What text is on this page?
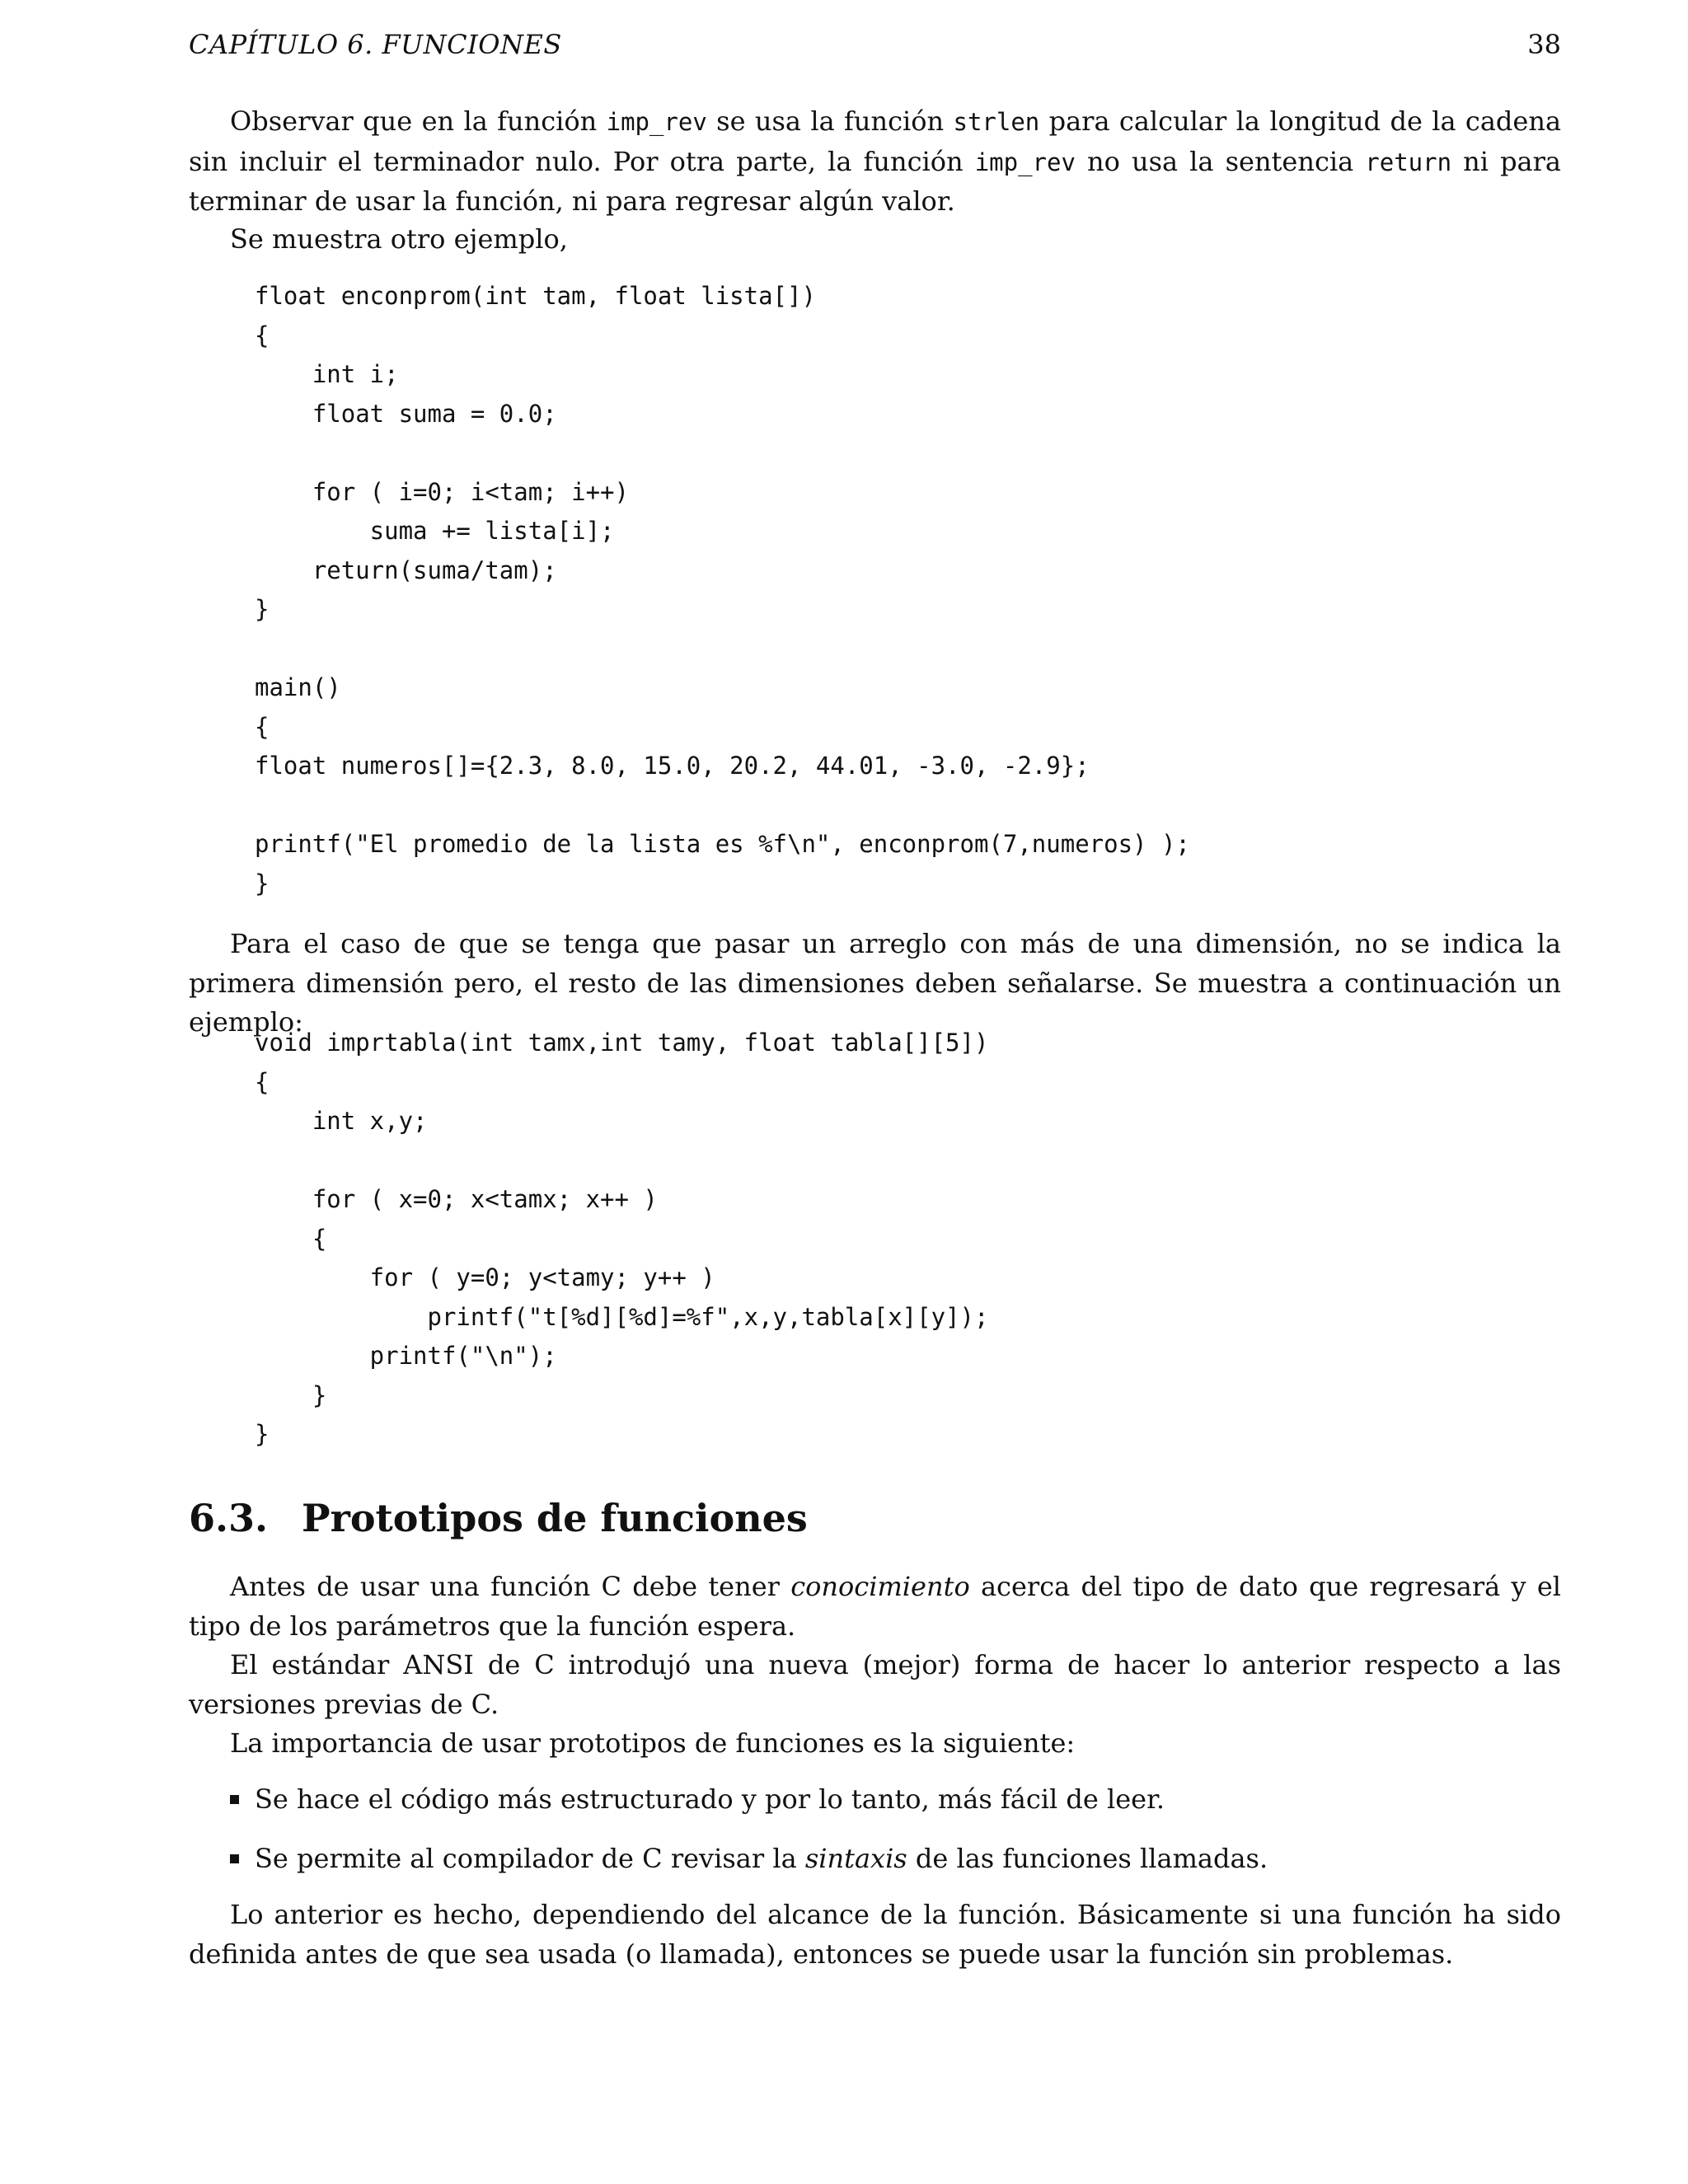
CAPÍTULO 6. FUNCIONES	38

Observar que en la función imp_rev se usa la función strlen para calcular la longitud de la cadena sin incluir el terminador nulo. Por otra parte, la función imp_rev no usa la sentencia return ni para terminar de usar la función, ni para regresar algún valor.

Se muestra otro ejemplo,

float enconprom(int tam, float lista[])
{
int i;
float suma = 0.0;

for ( i=0; i<tam; i++)
suma += lista[i];
return(suma/tam);
}

main()
{
float numeros[]={2.3, 8.0, 15.0, 20.2, 44.01, -3.0, -2.9};

printf("El promedio de la lista es %f\n", enconprom(7,numeros) );
}

Para el caso de que se tenga que pasar un arreglo con más de una dimensión, no se indica la primera dimensión pero, el resto de las dimensiones deben señalarse. Se muestra a continuación un ejemplo:

void imprtabla(int tamx,int tamy, float tabla[][5])
{
int x,y;

for ( x=0; x<tamx; x++ )
{
for ( y=0; y<tamy; y++ )
printf("t[%d][%d]=%f",x,y,tabla[x][y]);
printf("\n");
}
}
6.3. Prototipos de funciones

Antes de usar una función C debe tener conocimiento acerca del tipo de dato que regresará y el tipo de los parámetros que la función espera.

El estándar ANSI de C introdujó una nueva (mejor) forma de hacer lo anterior respecto a las versiones previas de C.

La importancia de usar prototipos de funciones es la siguiente:

Se hace el código más estructurado y por lo tanto, más fácil de leer.
Se permite al compilador de C revisar la sintaxis de las funciones llamadas.

Lo anterior es hecho, dependiendo del alcance de la función. Básicamente si una función ha sido definida antes de que sea usada (o llamada), entonces se puede usar la función sin problemas.
